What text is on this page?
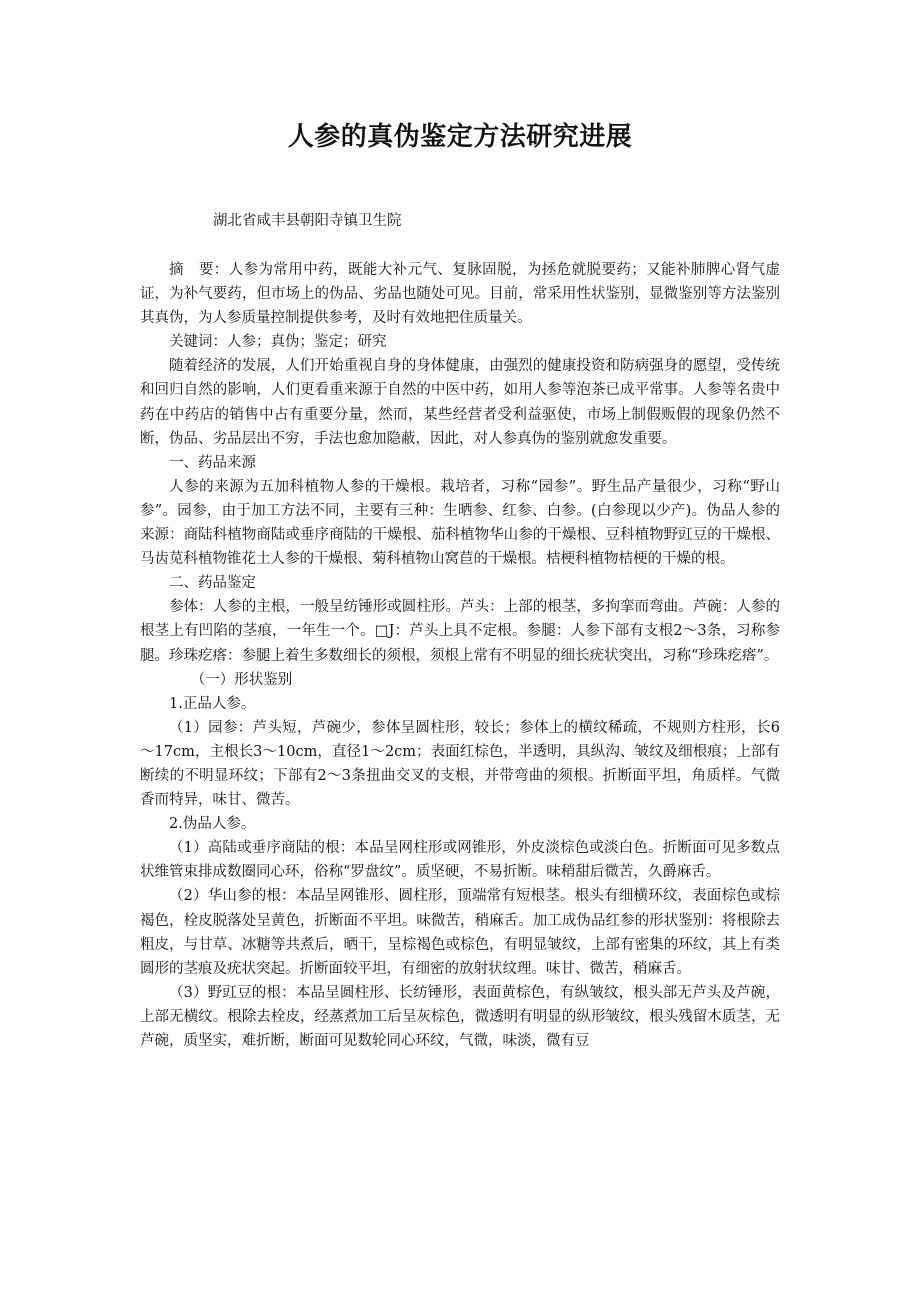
人参的真伪鉴定方法研究进展

湖北省咸丰县朝阳寺镇卫生院

摘　要：人参为常用中药，既能大补元气、复脉固脱，为拯危就脱要药；又能补肺脾心肾气虚证，为补气要药，但市场上的伪品、劣品也随处可见。目前，常采用性状鉴别，显微鉴别等方法鉴别其真伪，为人参质量控制提供参考，及时有效地把住质量关。

关键词：人参；真伪；鉴定；研究

随着经济的发展，人们开始重视自身的身体健康，由强烈的健康投资和防病强身的愿望，受传统和回归自然的影响，人们更看重来源于自然的中医中药，如用人参等泡茶已成平常事。人参等名贵中药在中药店的销售中占有重要分量，然而，某些经营者受利益驱使，市场上制假贩假的现象仍然不断，伪品、劣品层出不穷，手法也愈加隐蔽，因此，对人参真伪的鉴别就愈发重要。

一、药品来源

人参的来源为五加科植物人参的干燥根。栽培者，习称“园参”。野生品产量很少，习称“野山参”。园参，由于加工方法不同，主要有三种：生晒参、红参、白参。(白参现以少产)。伪品人参的来源：商陆科植物商陆或垂序商陆的干燥根、茄科植物华山参的干燥根、豆科植物野豇豆的干燥根、马齿苋科植物锥花土人参的干燥根、菊科植物山窝苣的干燥根。桔梗科植物桔梗的干燥的根。

二、药品鉴定

参体：人参的主根，一般呈纺锤形或圆柱形。芦头：上部的根茎，多拘挛而弯曲。芦碗：人参的根茎上有凹陷的茎痕，一年生一个。□J：芦头上具不定根。参腿：人参下部有支根2～3条，习称参腿。珍珠疙瘩：参腿上着生多数细长的须根，须根上常有不明显的细长疣状突出，习称“珍珠疙瘩”。

（一）形状鉴别

1.正品人参。

（1）园参：芦头短，芦碗少，参体呈圆柱形，较长；参体上的横纹稀疏，不规则方柱形，长6～17cm，主根长3～10cm，直径1～2cm；表面红棕色，半透明，具纵沟、皱纹及细根痕；上部有断续的不明显环纹；下部有2～3条扭曲交叉的支根，并带弯曲的须根。折断面平坦，角质样。气微香而特异，味甘、微苦。

2.伪品人参。

（1）高陆或垂序商陆的根：本品呈网柱形或网锥形，外皮淡棕色或淡白色。折断面可见多数点状维管束排成数圈同心环，俗称“罗盘纹”。质坚硬，不易折断。味稍甜后微苦，久爵麻舌。

（2）华山参的根：本品呈网锥形、圆柱形，顶端常有短根茎。根头有细横环纹，表面棕色或棕褐色，栓皮脱落处呈黄色，折断面不平坦。味微苦，稍麻舌。加工成伪品红参的形状鉴别：将根除去粗皮，与甘草、冰糖等共煮后，晒干，呈棕褐色或棕色，有明显皱纹，上部有密集的环纹，其上有类圆形的茎痕及疣状突起。折断面较平坦，有细密的放射状纹理。味甘、微苦，稍麻舌。

（3）野豇豆的根：本品呈圆柱形、长纺锤形，表面黄棕色，有纵皱纹，根头部无芦头及芦碗，上部无横纹。根除去栓皮，经蒸煮加工后呈灰棕色，微透明有明显的纵形皱纹，根头残留木质茎，无芦碗，质坚实，难折断，断面可见数轮同心环纹，气微，味淡，微有豆
